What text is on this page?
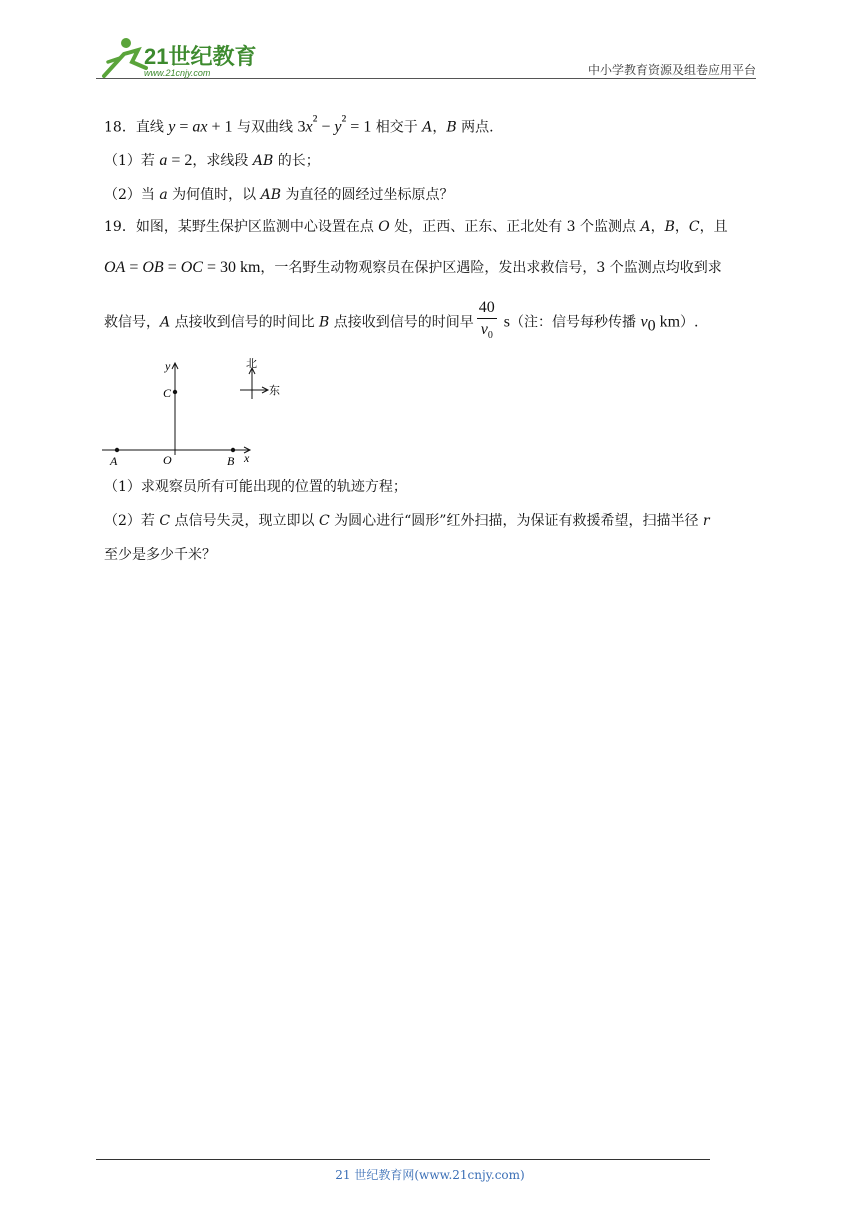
21世纪教育
www.21cnjy.com	中小学教育资源及组卷应用平台
18．直线 y = ax + 1 与双曲线 $3x^{^2} - y^{^2} = 1$ 相交于 A，B 两点.
（1）若 a = 2，求线段 AB 的长；
（2）当 a 为何值时，以 AB 为直径的圆经过坐标原点？
19．如图，某野生保护区监测中心设置在点 O 处，正西、正东、正北处有 3 个监测点 A，B，C，且
OA = OB = OC = 30 km，一名野生动物观察员在保护区遇险，发出求救信号，3 个监测点均收到求
救信号，A 点接收到信号的时间比 B 点接收到信号的时间早 $\frac{40}{v_0} s$（注：信号每秒传播 $v_0$ km）.
y
x
C
O
A	B
北
东
（1）求观察员所有可能出现的位置的轨迹方程；
（2）若 C 点信号失灵，现立即以 C 为圆心进行“圆形”红外扫描，为保证有救援希望，扫描半径 r
至少是多少千米？
21 世纪教育网(www.21cnjy.com)
